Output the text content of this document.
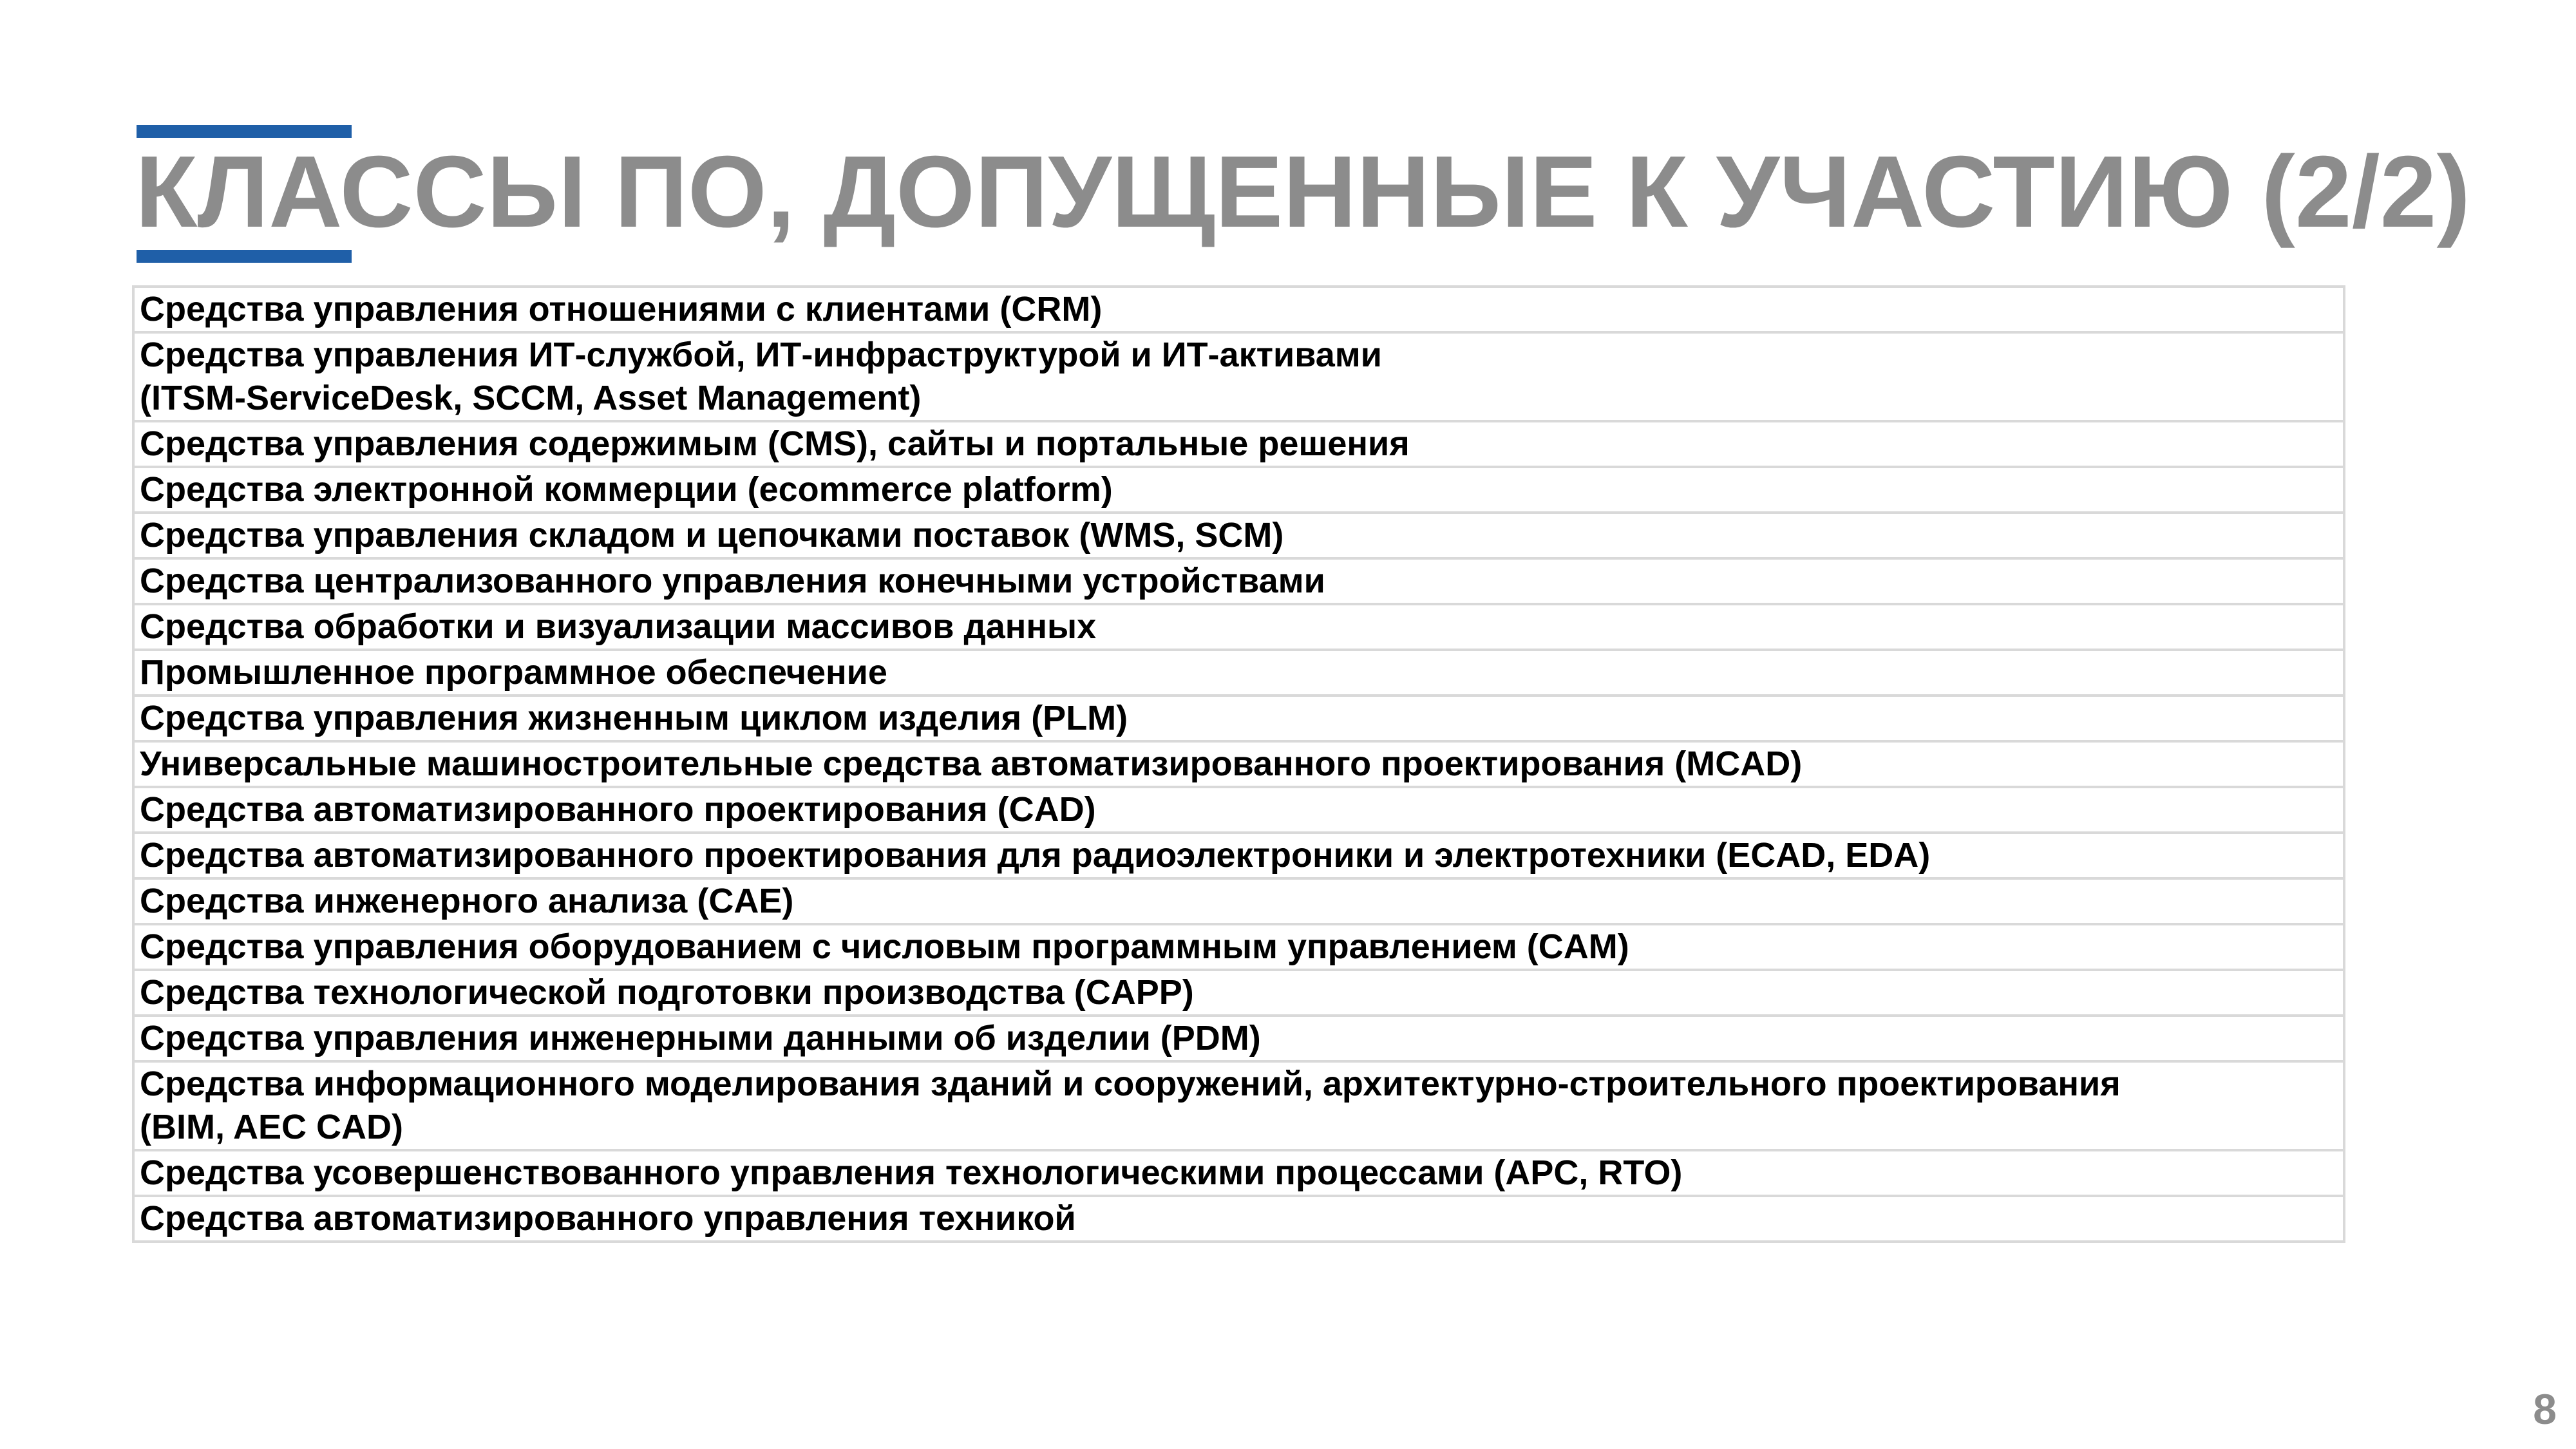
КЛАССЫ ПО, ДОПУЩЕННЫЕ К УЧАСТИЮ (2/2)
Средства управления отношениями с клиентами (CRM)
Средства управления ИТ-службой, ИТ-инфраструктурой и ИТ-активами
(ITSM-ServiceDesk, SCCM, Asset Management)
Средства управления содержимым (CMS), сайты и портальные решения
Средства электронной коммерции (ecommerce platform)
Средства управления складом и цепочками поставок (WMS, SCM)
Средства централизованного управления конечными устройствами
Средства обработки и визуализации массивов данных
Промышленное программное обеспечение
Средства управления жизненным циклом изделия (PLM)
Универсальные машиностроительные средства автоматизированного проектирования (MCAD)
Средства автоматизированного проектирования (CAD)
Средства автоматизированного проектирования для радиоэлектроники и электротехники (ECAD, EDA)
Средства инженерного анализа (CAE)
Средства управления оборудованием с числовым программным управлением (CAM)
Средства технологической подготовки производства (CAPP)
Средства управления инженерными данными об изделии (PDM)
Средства информационного моделирования зданий и сооружений, архитектурно-строительного проектирования
(BIM, AEC CAD)
Средства усовершенствованного управления технологическими процессами (APC, RTO)
Средства автоматизированного управления техникой
8
